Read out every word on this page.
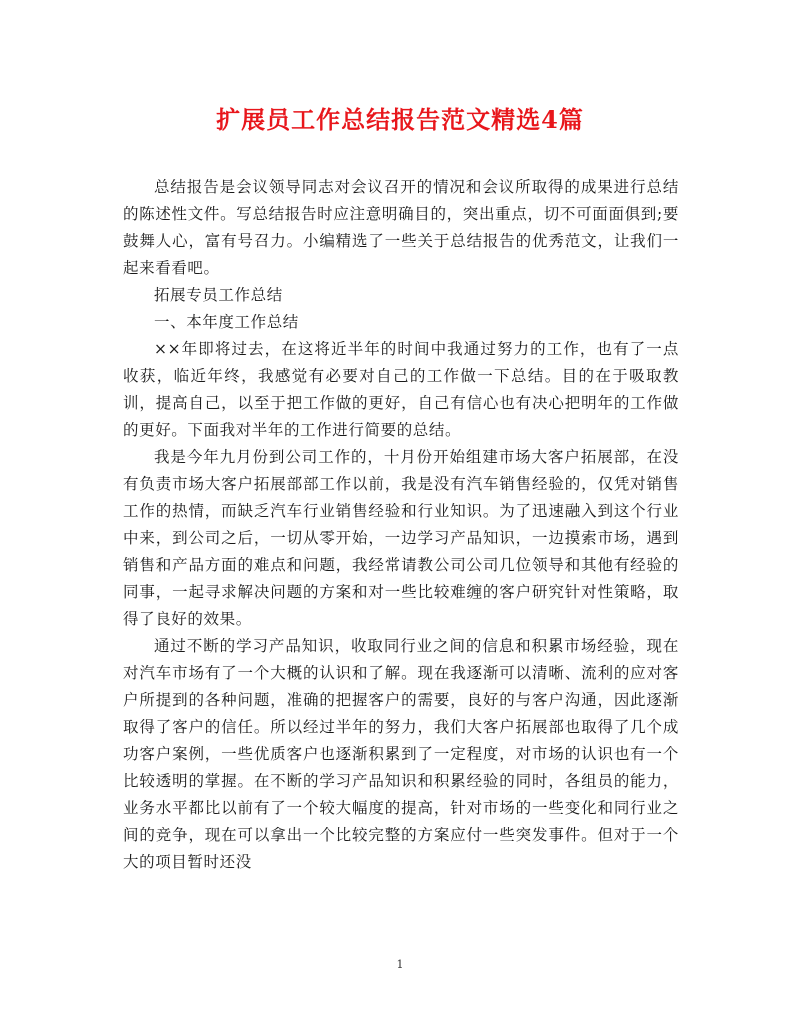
扩展员工作总结报告范文精选4篇

总结报告是会议领导同志对会议召开的情况和会议所取得的成果进行总结的陈述性文件。写总结报告时应注意明确目的，突出重点，切不可面面俱到;要鼓舞人心，富有号召力。小编精选了一些关于总结报告的优秀范文，让我们一起来看看吧。

拓展专员工作总结

一、本年度工作总结

××年即将过去，在这将近半年的时间中我通过努力的工作，也有了一点收获，临近年终，我感觉有必要对自己的工作做一下总结。目的在于吸取教训，提高自己，以至于把工作做的更好，自己有信心也有决心把明年的工作做的更好。下面我对半年的工作进行简要的总结。

我是今年九月份到公司工作的，十月份开始组建市场大客户拓展部，在没有负责市场大客户拓展部部工作以前，我是没有汽车销售经验的，仅凭对销售工作的热情，而缺乏汽车行业销售经验和行业知识。为了迅速融入到这个行业中来，到公司之后，一切从零开始，一边学习产品知识，一边摸索市场，遇到销售和产品方面的难点和问题，我经常请教公司公司几位领导和其他有经验的同事，一起寻求解决问题的方案和对一些比较难缠的客户研究针对性策略，取得了良好的效果。

通过不断的学习产品知识，收取同行业之间的信息和积累市场经验，现在对汽车市场有了一个大概的认识和了解。现在我逐渐可以清晰、流利的应对客户所提到的各种问题，准确的把握客户的需要，良好的与客户沟通，因此逐渐取得了客户的信任。所以经过半年的努力，我们大客户拓展部也取得了几个成功客户案例，一些优质客户也逐渐积累到了一定程度，对市场的认识也有一个比较透明的掌握。在不断的学习产品知识和积累经验的同时，各组员的能力，业务水平都比以前有了一个较大幅度的提高，针对市场的一些变化和同行业之间的竞争，现在可以拿出一个比较完整的方案应付一些突发事件。但对于一个大的项目暂时还没

1
